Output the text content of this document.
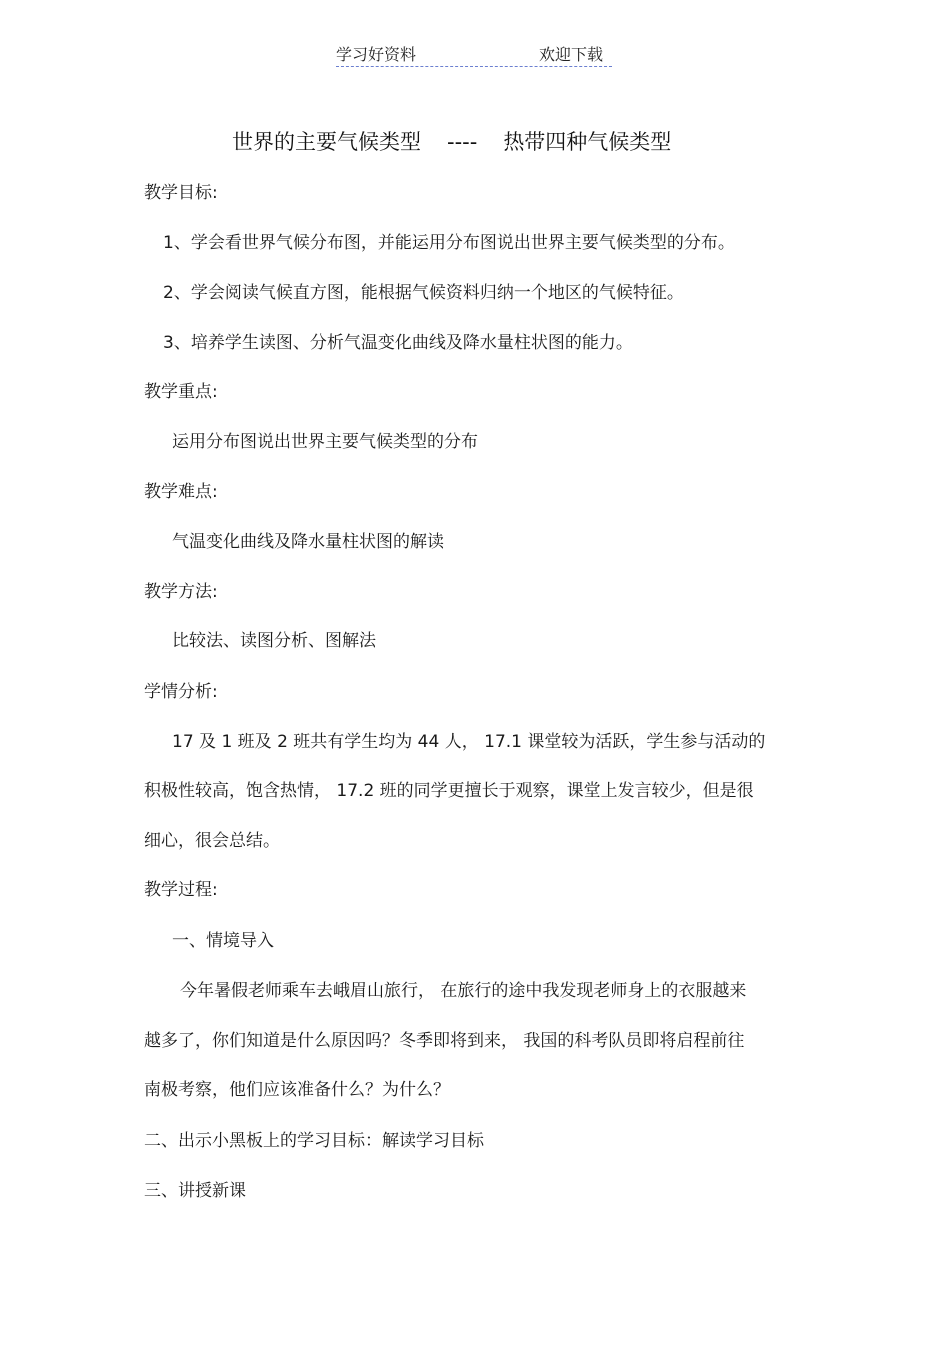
学习好资料	欢迎下载
世界的主要气候类型 ---- 热带四种气候类型
教学目标:
1、学会看世界气候分布图，并能运用分布图说出世界主要气候类型的分布。
2、学会阅读气候直方图，能根据气候资料归纳一个地区的气候特征。
3、培养学生读图、分析气温变化曲线及降水量柱状图的能力。
教学重点:
运用分布图说出世界主要气候类型的分布
教学难点:
气温变化曲线及降水量柱状图的解读
教学方法:
比较法、读图分析、图解法
学情分析:
17 及 1 班及 2 班共有学生均为 44 人， 17.1 课堂较为活跃，学生参与活动的
积极性较高，饱含热情， 17.2 班的同学更擅长于观察，课堂上发言较少，但是很
细心，很会总结。
教学过程:
一、情境导入
今年暑假老师乘车去峨眉山旅行， 在旅行的途中我发现老师身上的衣服越来
越多了，你们知道是什么原因吗？冬季即将到来， 我国的科考队员即将启程前往
南极考察，他们应该准备什么？为什么？
二、出示小黑板上的学习目标：解读学习目标
三、讲授新课
